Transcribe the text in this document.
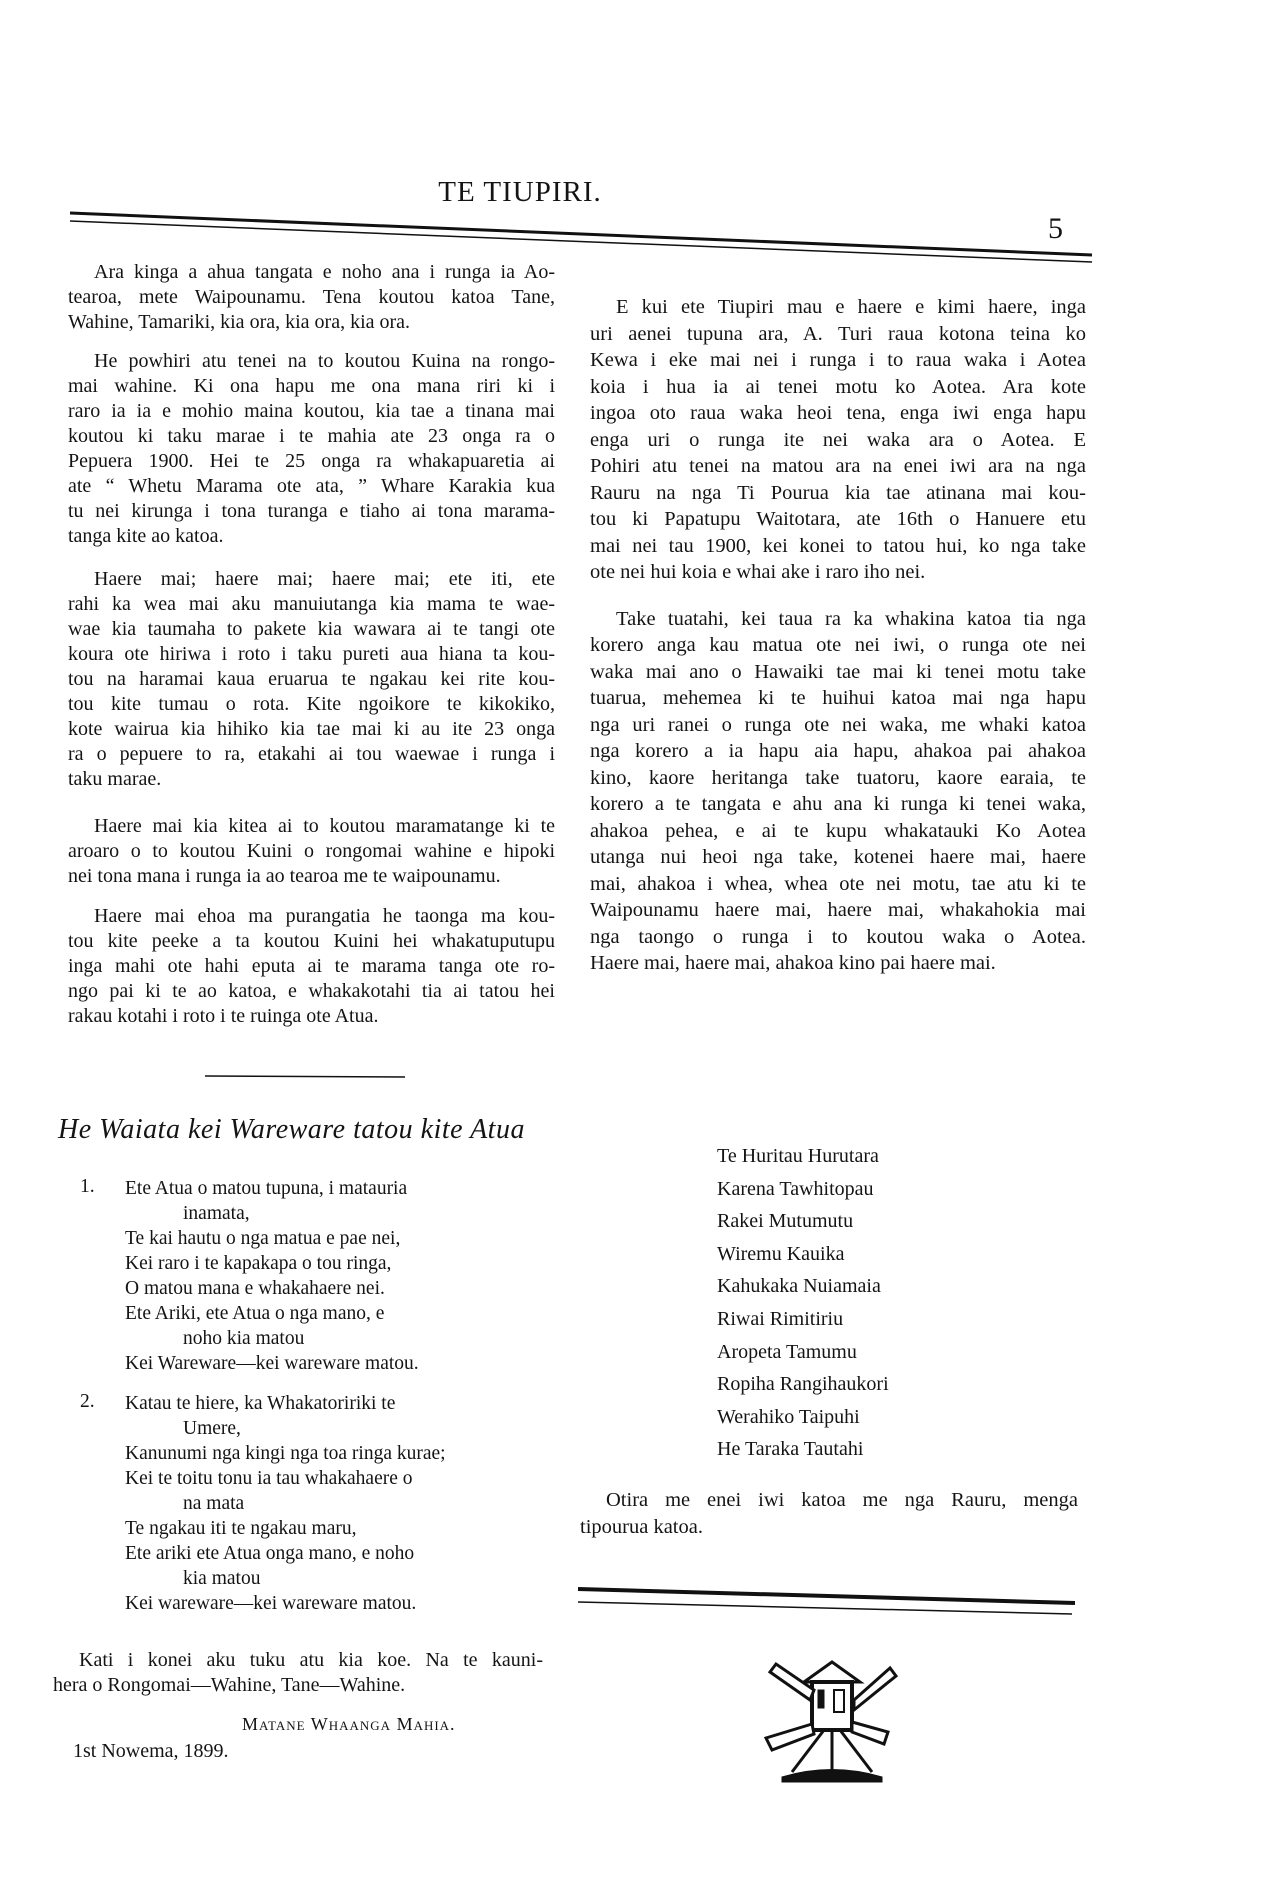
TE TIUPIRI.
5
Ara kinga a ahua tangata e noho ana i runga ia Ao-
tearoa, mete Waipounamu. Tena koutou katoa Tane,
Wahine, Tamariki, kia ora, kia ora, kia ora.
He powhiri atu tenei na to koutou Kuina na rongo-
mai wahine. Ki ona hapu me ona mana riri ki i
raro ia ia e mohio maina koutou, kia tae a tinana mai
koutou ki taku marae i te mahia ate 23 onga ra o
Pepuera 1900. Hei te 25 onga ra whakapuaretia ai
ate “ Whetu Marama ote ata, ” Whare Karakia kua
tu nei kirunga i tona turanga e tiaho ai tona marama-
tanga kite ao katoa.
Haere mai; haere mai; haere mai; ete iti, ete
rahi ka wea mai aku manuiutanga kia mama te wae-
wae kia taumaha to pakete kia wawara ai te tangi ote
koura ote hiriwa i roto i taku pureti aua hiana ta kou-
tou na haramai kaua eruarua te ngakau kei rite kou-
tou kite tumau o rota. Kite ngoikore te kikokiko,
kote wairua kia hihiko kia tae mai ki au ite 23 onga
ra o pepuere to ra, etakahi ai tou waewae i runga i
taku marae.
Haere mai kia kitea ai to koutou maramatange ki te
aroaro o to koutou Kuini o rongomai wahine e hipoki
nei tona mana i runga ia ao tearoa me te waipounamu.
Haere mai ehoa ma purangatia he taonga ma kou-
tou kite peeke a ta koutou Kuini hei whakatuputupu
inga mahi ote hahi eputa ai te marama tanga ote ro-
ngo pai ki te ao katoa, e whakakotahi tia ai tatou hei
rakau kotahi i roto i te ruinga ote Atua.
E kui ete Tiupiri mau e haere e kimi haere, inga
uri aenei tupuna ara, A. Turi raua kotona teina ko
Kewa i eke mai nei i runga i to raua waka i Aotea
koia i hua ia ai tenei motu ko Aotea. Ara kote
ingoa oto raua waka heoi tena, enga iwi enga hapu
enga uri o runga ite nei waka ara o Aotea. E
Pohiri atu tenei na matou ara na enei iwi ara na nga
Rauru na nga Ti Pourua kia tae atinana mai kou-
tou ki Papatupu Waitotara, ate 16th o Hanuere etu
mai nei tau 1900, kei konei to tatou hui, ko nga take
ote nei hui koia e whai ake i raro iho nei.
Take tuatahi, kei taua ra ka whakina katoa tia nga
korero anga kau matua ote nei iwi, o runga ote nei
waka mai ano o Hawaiki tae mai ki tenei motu take
tuarua, mehemea ki te huihui katoa mai nga hapu
nga uri ranei o runga ote nei waka, me whaki katoa
nga korero a ia hapu aia hapu, ahakoa pai ahakoa
kino, kaore heritanga take tuatoru, kaore earaia, te
korero a te tangata e ahu ana ki runga ki tenei waka,
ahakoa pehea, e ai te kupu whakatauki Ko Aotea
utanga nui heoi nga take, kotenei haere mai, haere
mai, ahakoa i whea, whea ote nei motu, tae atu ki te
Waipounamu haere mai, haere mai, whakahokia mai
nga taongo o runga i to koutou waka o Aotea.
Haere mai, haere mai, ahakoa kino pai haere mai.
He Waiata kei Wareware tatou kite Atua
1.	Ete Atua o matou tupuna, i matauria
inamata,
Te kai hautu o nga matua e pae nei,
Kei raro i te kapakapa o tou ringa,
O matou mana e whakahaere nei.
Ete Ariki, ete Atua o nga mano, e
noho kia matou
Kei Wareware—kei wareware matou.
2.	Katau te hiere, ka Whakatoririki te
Umere,
Kanunumi nga kingi nga toa ringa kurae;
Kei te toitu tonu ia tau whakahaere o
na mata
Te ngakau iti te ngakau maru,
Ete ariki ete Atua onga mano, e noho
kia matou
Kei wareware—kei wareware matou.
Kati i konei aku tuku atu kia koe. Na te kauni-
hera o Rongomai—Wahine, Tane—Wahine.
Matane Whaanga Mahia.
1st Nowema, 1899.
Te Huritau Hurutara
Karena Tawhitopau
Rakei Mutumutu
Wiremu Kauika
Kahukaka Nuiamaia
Riwai Rimitiriu
Aropeta Tamumu
Ropiha Rangihaukori
Werahiko Taipuhi
He Taraka Tautahi
Otira me enei iwi katoa me nga Rauru, menga
tipourua katoa.
